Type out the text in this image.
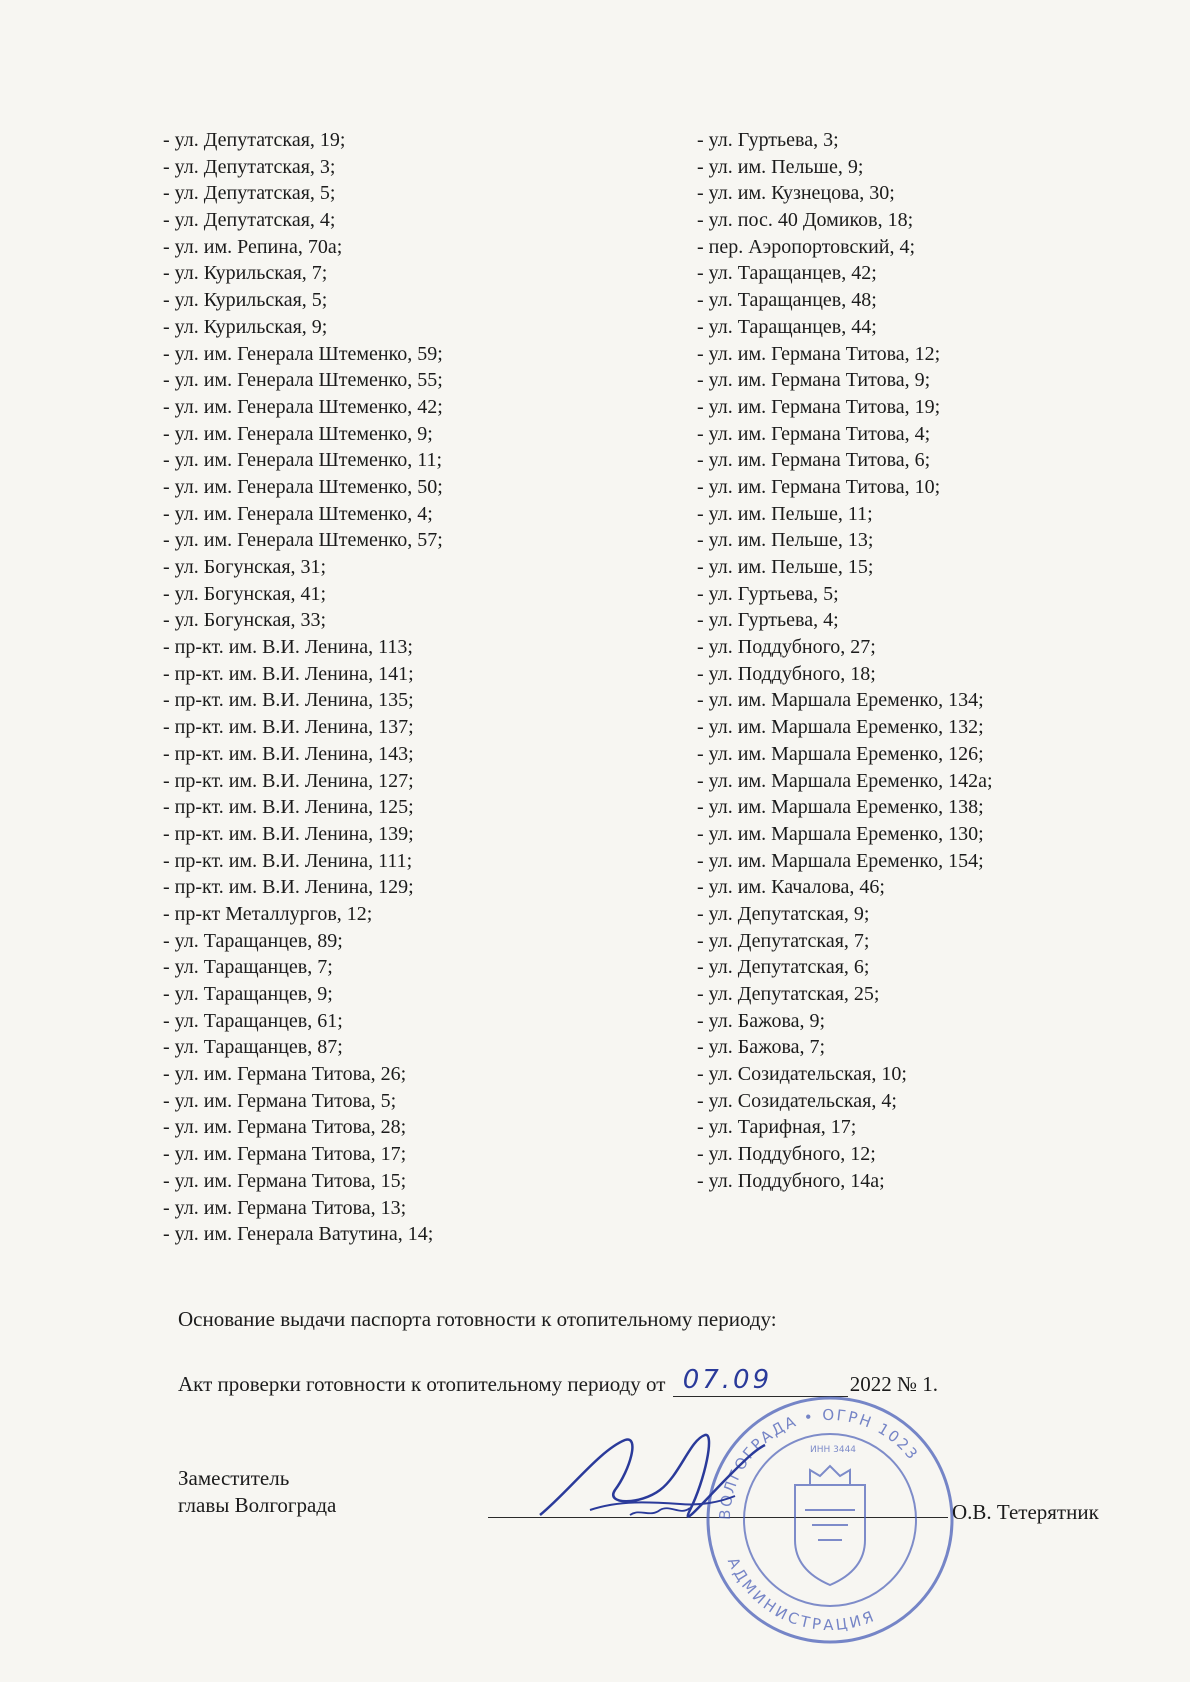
- ул. Депутатская, 19;
- ул. Депутатская, 3;
- ул. Депутатская, 5;
- ул. Депутатская, 4;
- ул. им. Репина, 70а;
- ул. Курильская, 7;
- ул. Курильская, 5;
- ул. Курильская, 9;
- ул. им. Генерала Штеменко, 59;
- ул. им. Генерала Штеменко, 55;
- ул. им. Генерала Штеменко, 42;
- ул. им. Генерала Штеменко, 9;
- ул. им. Генерала Штеменко, 11;
- ул. им. Генерала Штеменко, 50;
- ул. им. Генерала Штеменко, 4;
- ул. им. Генерала Штеменко, 57;
- ул. Богунская, 31;
- ул. Богунская, 41;
- ул. Богунская, 33;
- пр-кт. им. В.И. Ленина, 113;
- пр-кт. им. В.И. Ленина, 141;
- пр-кт. им. В.И. Ленина, 135;
- пр-кт. им. В.И. Ленина, 137;
- пр-кт. им. В.И. Ленина, 143;
- пр-кт. им. В.И. Ленина, 127;
- пр-кт. им. В.И. Ленина, 125;
- пр-кт. им. В.И. Ленина, 139;
- пр-кт. им. В.И. Ленина, 111;
- пр-кт. им. В.И. Ленина, 129;
- пр-кт Металлургов, 12;
- ул. Таращанцев, 89;
- ул. Таращанцев, 7;
- ул. Таращанцев, 9;
- ул. Таращанцев, 61;
- ул. Таращанцев, 87;
- ул. им. Германа Титова, 26;
- ул. им. Германа Титова, 5;
- ул. им. Германа Титова, 28;
- ул. им. Германа Титова, 17;
- ул. им. Германа Титова, 15;
- ул. им. Германа Титова, 13;
- ул. им. Генерала Ватутина, 14;
- ул. Гуртьева, 3;
- ул. им. Пельше, 9;
- ул. им. Кузнецова, 30;
- ул. пос. 40 Домиков, 18;
- пер. Аэропортовский, 4;
- ул. Таращанцев, 42;
- ул. Таращанцев, 48;
- ул. Таращанцев, 44;
- ул. им. Германа Титова, 12;
- ул. им. Германа Титова, 9;
- ул. им. Германа Титова, 19;
- ул. им. Германа Титова, 4;
- ул. им. Германа Титова, 6;
- ул. им. Германа Титова, 10;
- ул. им. Пельше, 11;
- ул. им. Пельше, 13;
- ул. им. Пельше, 15;
- ул. Гуртьева, 5;
- ул. Гуртьева, 4;
- ул. Поддубного, 27;
- ул. Поддубного, 18;
- ул. им. Маршала Еременко, 134;
- ул. им. Маршала Еременко, 132;
- ул. им. Маршала Еременко, 126;
- ул. им. Маршала Еременко, 142а;
- ул. им. Маршала Еременко, 138;
- ул. им. Маршала Еременко, 130;
- ул. им. Маршала Еременко, 154;
- ул. им. Качалова, 46;
- ул. Депутатская, 9;
- ул. Депутатская, 7;
- ул. Депутатская, 6;
- ул. Депутатская, 25;
- ул. Бажова, 9;
- ул. Бажова, 7;
- ул. Созидательская, 10;
- ул. Созидательская, 4;
- ул. Тарифная, 17;
- ул. Поддубного, 12;
- ул. Поддубного, 14а;
Основание выдачи паспорта готовности к отопительному периоду:
Акт проверки готовности к отопительному периоду от 07.09	2022 № 1.
Заместитель
главы Волгограда	ВОЛГОГРАДА • ОГРН 1023
АДМИНИСТРАЦИЯ
ИНН 3444
О.В. Тетерятник
